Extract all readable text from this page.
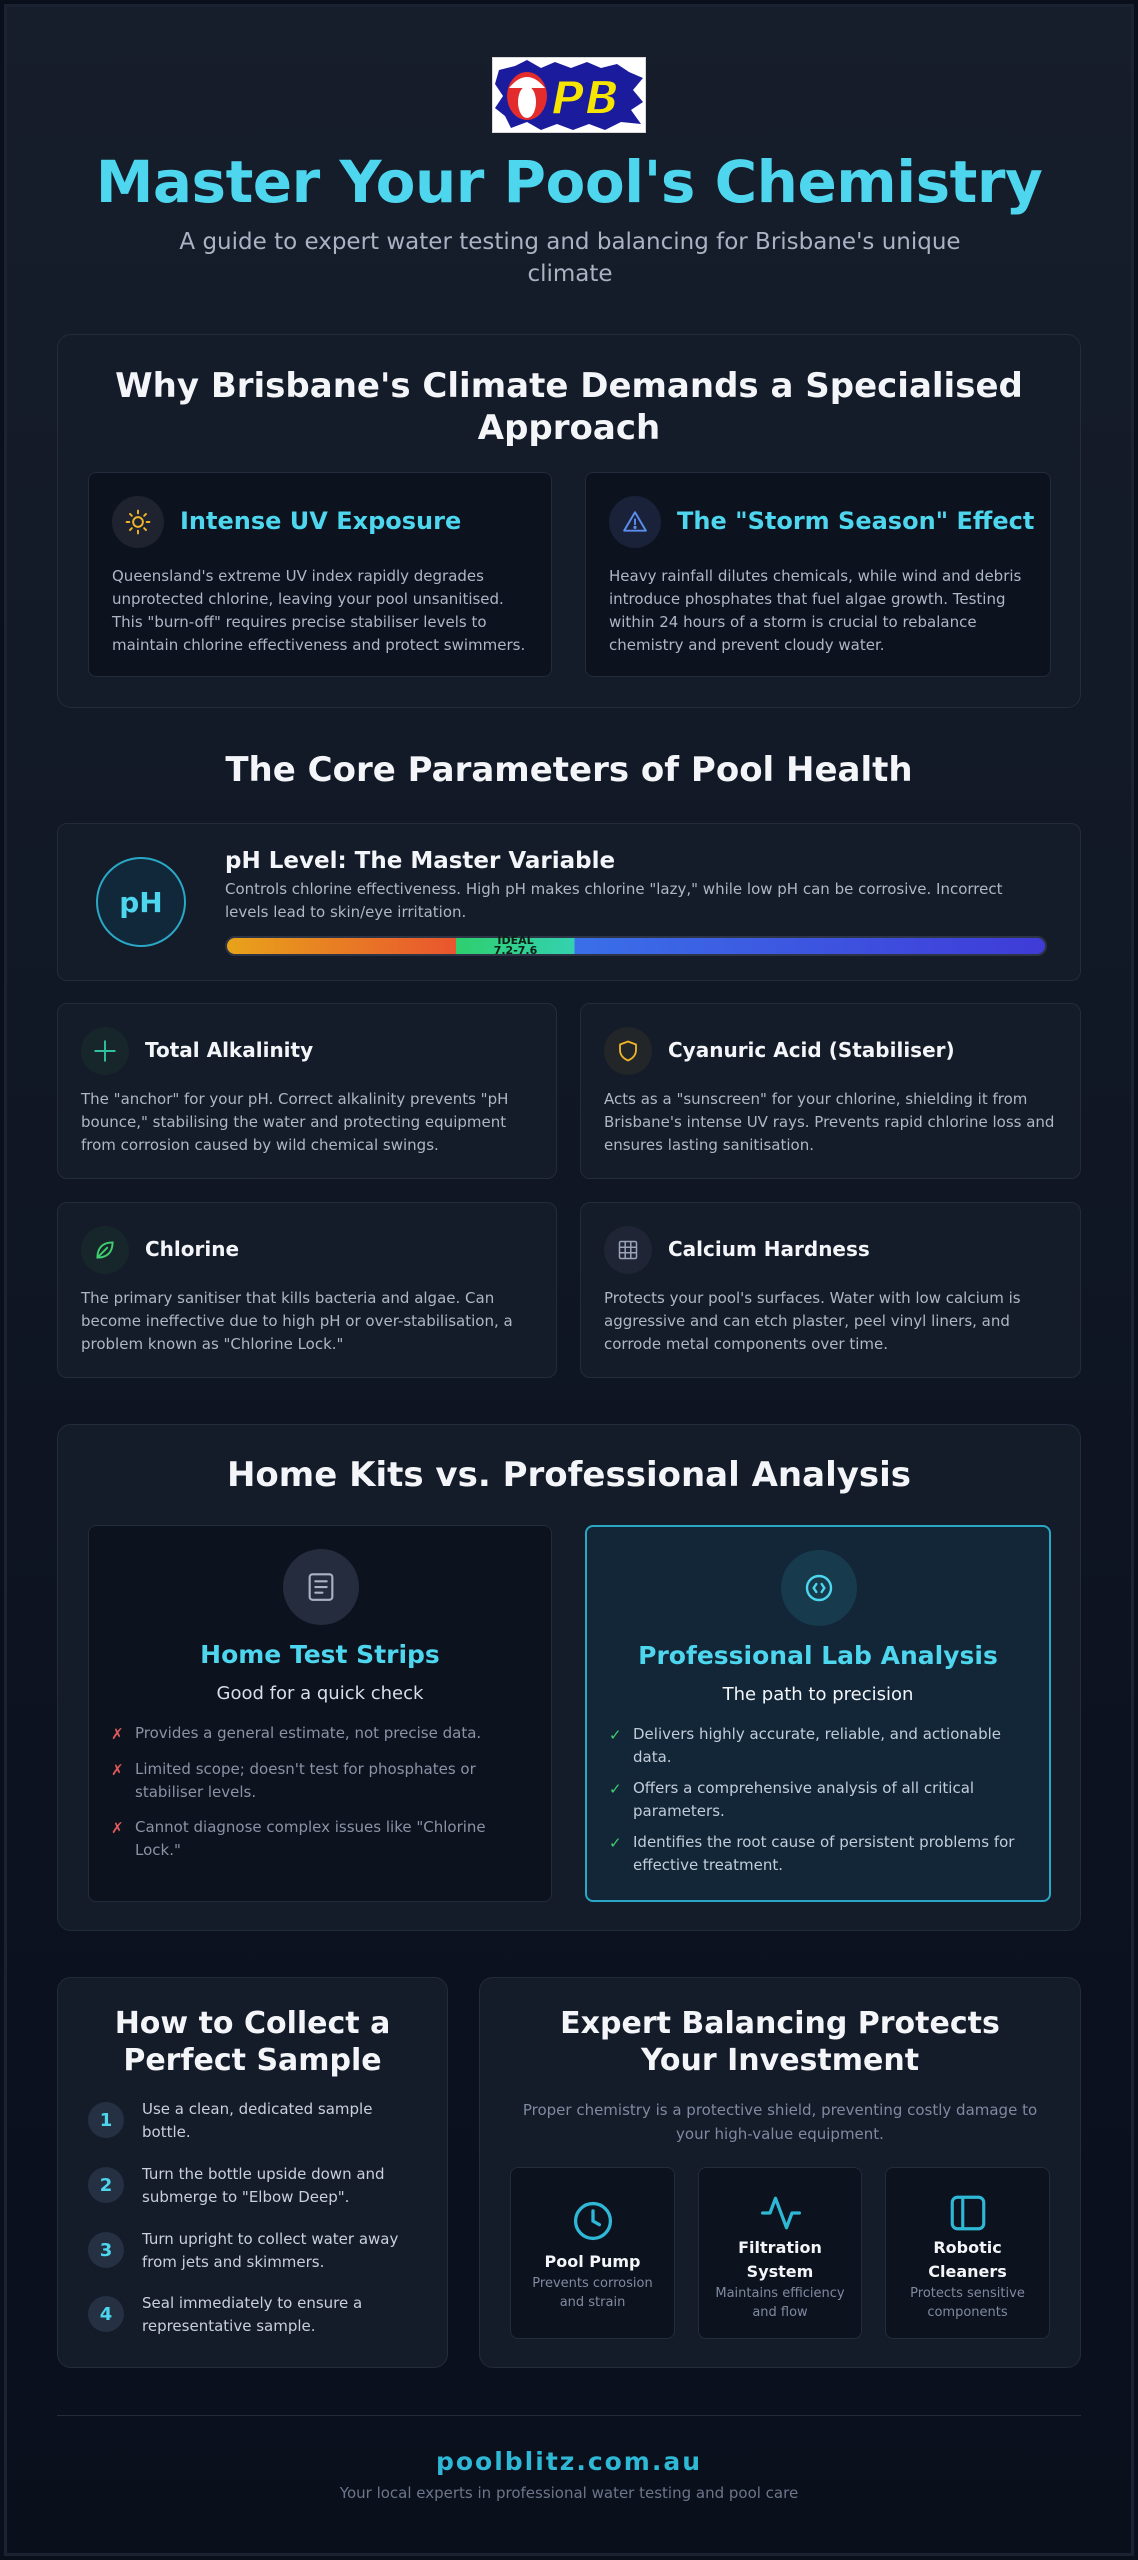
PB
Master Your Pool's Chemistry
A guide to expert water testing and balancing for Brisbane's unique climate
Why Brisbane's Climate Demands a Specialised Approach
Intense UV Exposure
Queensland's extreme UV index rapidly degrades unprotected chlorine, leaving your pool unsanitised. This "burn-off" requires precise stabiliser levels to maintain chlorine effectiveness and protect swimmers.
The "Storm Season" Effect
Heavy rainfall dilutes chemicals, while wind and debris introduce phosphates that fuel algae growth. Testing within 24 hours of a storm is crucial to rebalance chemistry and prevent cloudy water.
The Core Parameters of Pool Health
pH
pH Level: The Master Variable
Controls chlorine effectiveness. High pH makes chlorine "lazy," while low pH can be corrosive. Incorrect levels lead to skin/eye irritation.
IDEAL
7.2-7.6
Total Alkalinity
The "anchor" for your pH. Correct alkalinity prevents "pH bounce," stabilising the water and protecting equipment from corrosion caused by wild chemical swings.
Cyanuric Acid (Stabiliser)
Acts as a "sunscreen" for your chlorine, shielding it from Brisbane's intense UV rays. Prevents rapid chlorine loss and ensures lasting sanitisation.
Chlorine
The primary sanitiser that kills bacteria and algae. Can become ineffective due to high pH or over-stabilisation, a problem known as "Chlorine Lock."
Calcium Hardness
Protects your pool's surfaces. Water with low calcium is aggressive and can etch plaster, peel vinyl liners, and corrode metal components over time.
Home Kits vs. Professional Analysis
Home Test Strips
Good for a quick check
✗ Provides a general estimate, not precise data.
✗ Limited scope; doesn't test for phosphates or stabiliser levels.
✗ Cannot diagnose complex issues like "Chlorine Lock."
Professional Lab Analysis
The path to precision
✓ Delivers highly accurate, reliable, and actionable data.
✓ Offers a comprehensive analysis of all critical parameters.
✓ Identifies the root cause of persistent problems for effective treatment.
How to Collect a Perfect Sample
1
Use a clean, dedicated sample bottle.
2
Turn the bottle upside down and submerge to "Elbow Deep".
3
Turn upright to collect water away from jets and skimmers.
4
Seal immediately to ensure a representative sample.
Expert Balancing Protects Your Investment
Proper chemistry is a protective shield, preventing costly damage to your high-value equipment.
Pool Pump
Prevents corrosion and strain
Filtration System
Maintains efficiency and flow
Robotic Cleaners
Protects sensitive components
poolblitz.com.au
Your local experts in professional water testing and pool care
